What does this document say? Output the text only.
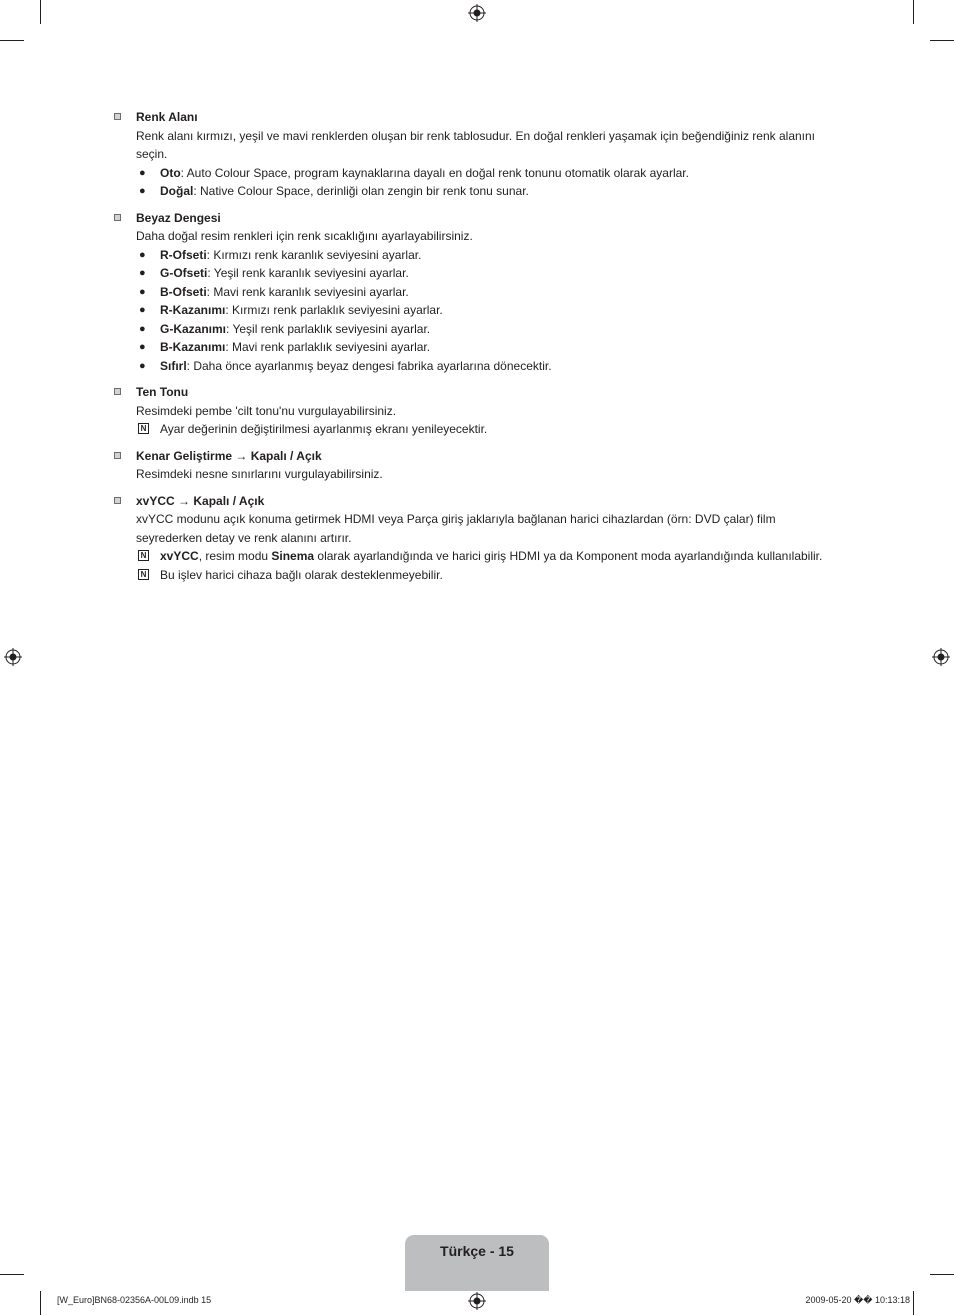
Renk Alanı
Renk alanı kırmızı, yeşil ve mavi renklerden oluşan bir renk tablosudur. En doğal renkleri yaşamak için beğendiğiniz renk alanını seçin.
● Oto: Auto Colour Space, program kaynaklarına dayalı en doğal renk tonunu otomatik olarak ayarlar.
● Doğal: Native Colour Space, derinliği olan zengin bir renk tonu sunar.
Beyaz Dengesi
Daha doğal resim renkleri için renk sıcaklığını ayarlayabilirsiniz.
● R-Ofseti: Kırmızı renk karanlık seviyesini ayarlar.
● G-Ofseti: Yeşil renk karanlık seviyesini ayarlar.
● B-Ofseti: Mavi renk karanlık seviyesini ayarlar.
● R-Kazanımı: Kırmızı renk parlaklık seviyesini ayarlar.
● G-Kazanımı: Yeşil renk parlaklık seviyesini ayarlar.
● B-Kazanımı: Mavi renk parlaklık seviyesini ayarlar.
● Sıfırl: Daha önce ayarlanmış beyaz dengesi fabrika ayarlarına dönecektir.
Ten Tonu
Resimdeki pembe 'cilt tonu'nu vurgulayabilirsiniz.
N Ayar değerinin değiştirilmesi ayarlanmış ekranı yenileyecektir.
Kenar Geliştirme → Kapalı / Açık
Resimdeki nesne sınırlarını vurgulayabilirsiniz.
xvYCC → Kapalı / Açık
xvYCC modunu açık konuma getirmek HDMI veya Parça giriş jaklarıyla bağlanan harici cihazlardan (örn: DVD çalar) film seyrederken detay ve renk alanını artırır.
N xvYCC, resim modu Sinema olarak ayarlandığında ve harici giriş HDMI ya da Komponent moda ayarlandığında kullanılabilir.
N Bu işlev harici cihaza bağlı olarak desteklenmeyebilir.
Türkçe - 15
[W_Euro]BN68-02356A-00L09.indb 15	2009-05-20 �� 10:13:18
